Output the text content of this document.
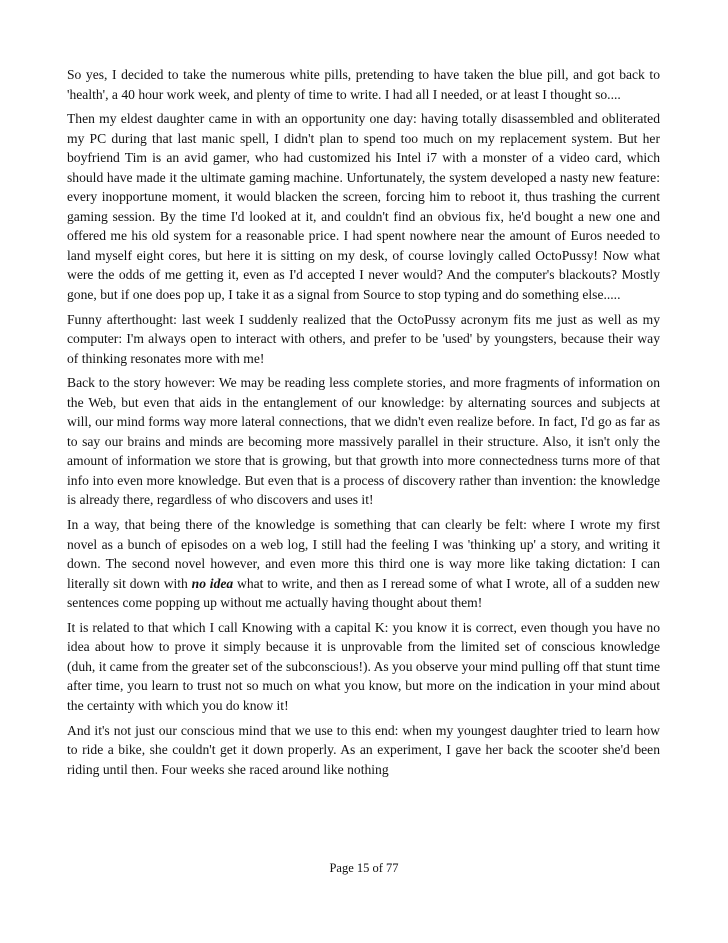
So yes, I decided to take the numerous white pills, pretending to have taken the blue pill, and got back to 'health', a 40 hour work week, and plenty of time to write. I had all I needed, or at least I thought so....

Then my eldest daughter came in with an opportunity one day: having totally disassembled and obliterated my PC during that last manic spell, I didn't plan to spend too much on my replacement system. But her boyfriend Tim is an avid gamer, who had customized his Intel i7 with a monster of a video card, which should have made it the ultimate gaming machine. Unfortunately, the system developed a nasty new feature: every inopportune moment, it would blacken the screen, forcing him to reboot it, thus trashing the current gaming session. By the time I'd looked at it, and couldn't find an obvious fix, he'd bought a new one and offered me his old system for a reasonable price. I had spent nowhere near the amount of Euros needed to land myself eight cores, but here it is sitting on my desk, of course lovingly called OctoPussy! Now what were the odds of me getting it, even as I'd accepted I never would? And the computer's blackouts? Mostly gone, but if one does pop up, I take it as a signal from Source to stop typing and do something else.....

Funny afterthought: last week I suddenly realized that the OctoPussy acronym fits me just as well as my computer: I'm always open to interact with others, and prefer to be 'used' by youngsters, because their way of thinking resonates more with me!

Back to the story however: We may be reading less complete stories, and more fragments of information on the Web, but even that aids in the entanglement of our knowledge: by alternating sources and subjects at will, our mind forms way more lateral connections, that we didn't even realize before. In fact, I'd go as far as to say our brains and minds are becoming more massively parallel in their structure. Also, it isn't only the amount of information we store that is growing, but that growth into more connectedness turns more of that info into even more knowledge. But even that is a process of discovery rather than invention: the knowledge is already there, regardless of who discovers and uses it!

In a way, that being there of the knowledge is something that can clearly be felt: where I wrote my first novel as a bunch of episodes on a web log, I still had the feeling I was 'thinking up' a story, and writing it down. The second novel however, and even more this third one is way more like taking dictation: I can literally sit down with no idea what to write, and then as I reread some of what I wrote, all of a sudden new sentences come popping up without me actually having thought about them!

It is related to that which I call Knowing with a capital K: you know it is correct, even though you have no idea about how to prove it simply because it is unprovable from the limited set of conscious knowledge (duh, it came from the greater set of the subconscious!). As you observe your mind pulling off that stunt time after time, you learn to trust not so much on what you know, but more on the indication in your mind about the certainty with which you do know it!

And it's not just our conscious mind that we use to this end: when my youngest daughter tried to learn how to ride a bike, she couldn't get it down properly. As an experiment, I gave her back the scooter she'd been riding until then. Four weeks she raced around like nothing

Page 15 of 77
